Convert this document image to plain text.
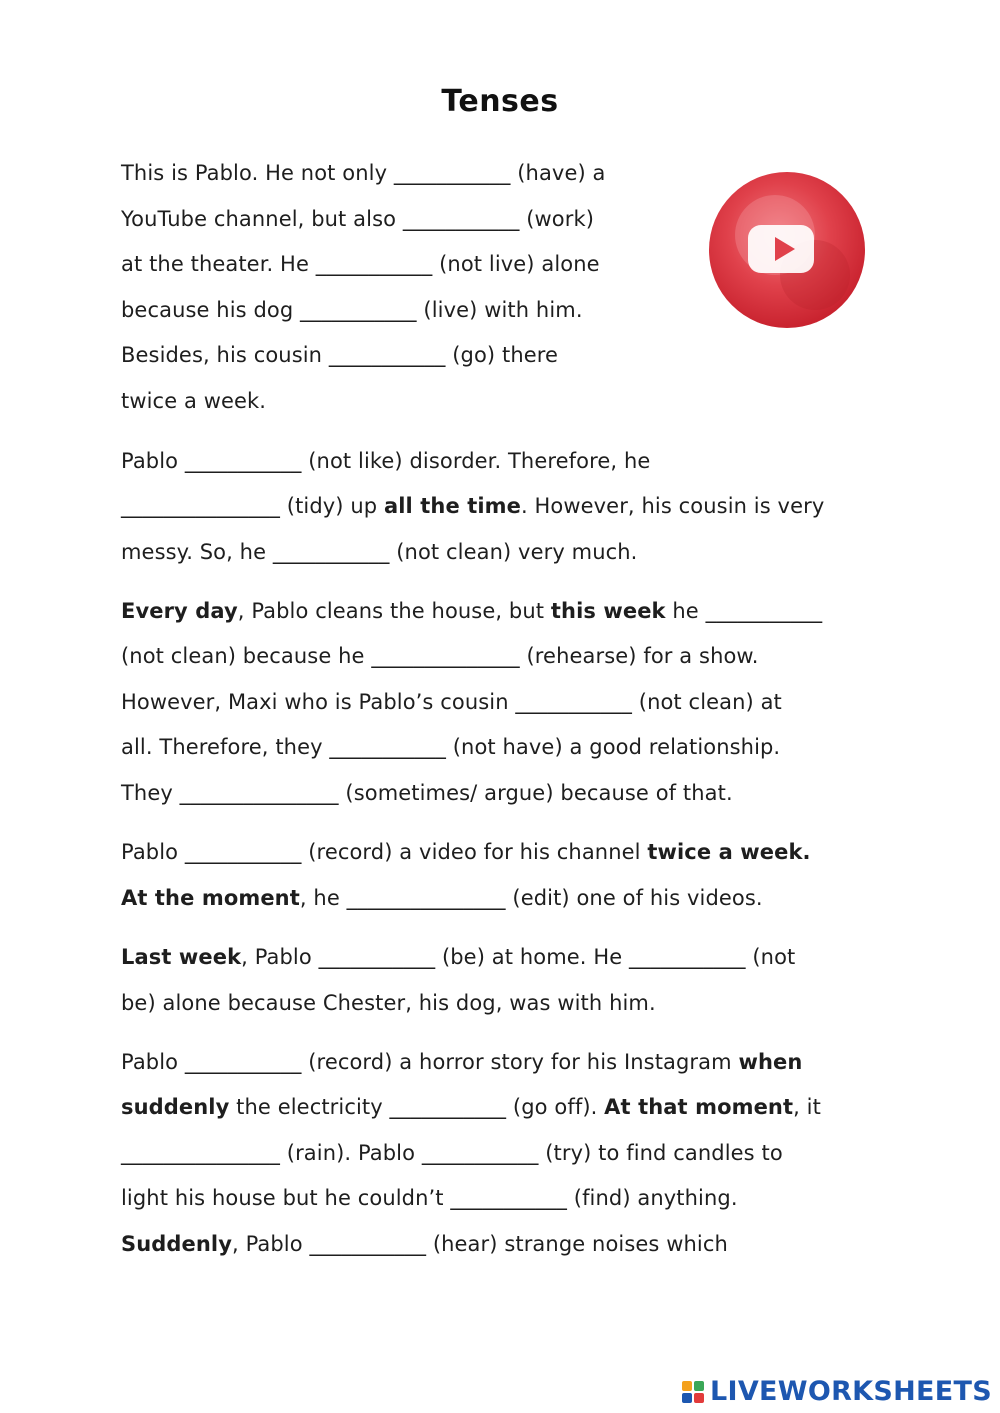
Tenses
This is Pablo. He not only ___________ (have) a
YouTube channel, but also ___________ (work)
at the theater. He ___________ (not live) alone
because his dog ___________ (live) with him.
Besides, his cousin ___________ (go) there
twice a week.
Pablo ___________ (not like) disorder. Therefore, he
_______________ (tidy) up all the time. However, his cousin is very
messy. So, he ___________ (not clean) very much.
Every day, Pablo cleans the house, but this week he ___________
(not clean) because he ______________ (rehearse) for a show.
However, Maxi who is Pablo’s cousin ___________ (not clean) at
all. Therefore, they ___________ (not have) a good relationship.
They _______________ (sometimes/ argue) because of that.
Pablo ___________ (record) a video for his channel twice a week.
At the moment, he _______________ (edit) one of his videos.
Last week, Pablo ___________ (be) at home. He ___________ (not
be) alone because Chester, his dog, was with him.
Pablo ___________ (record) a horror story for his Instagram when
suddenly the electricity ___________ (go off). At that moment, it
_______________ (rain). Pablo ___________ (try) to find candles to
light his house but he couldn’t ___________ (find) anything.
Suddenly, Pablo ___________ (hear) strange noises which
LIVEWORKSHEETS
